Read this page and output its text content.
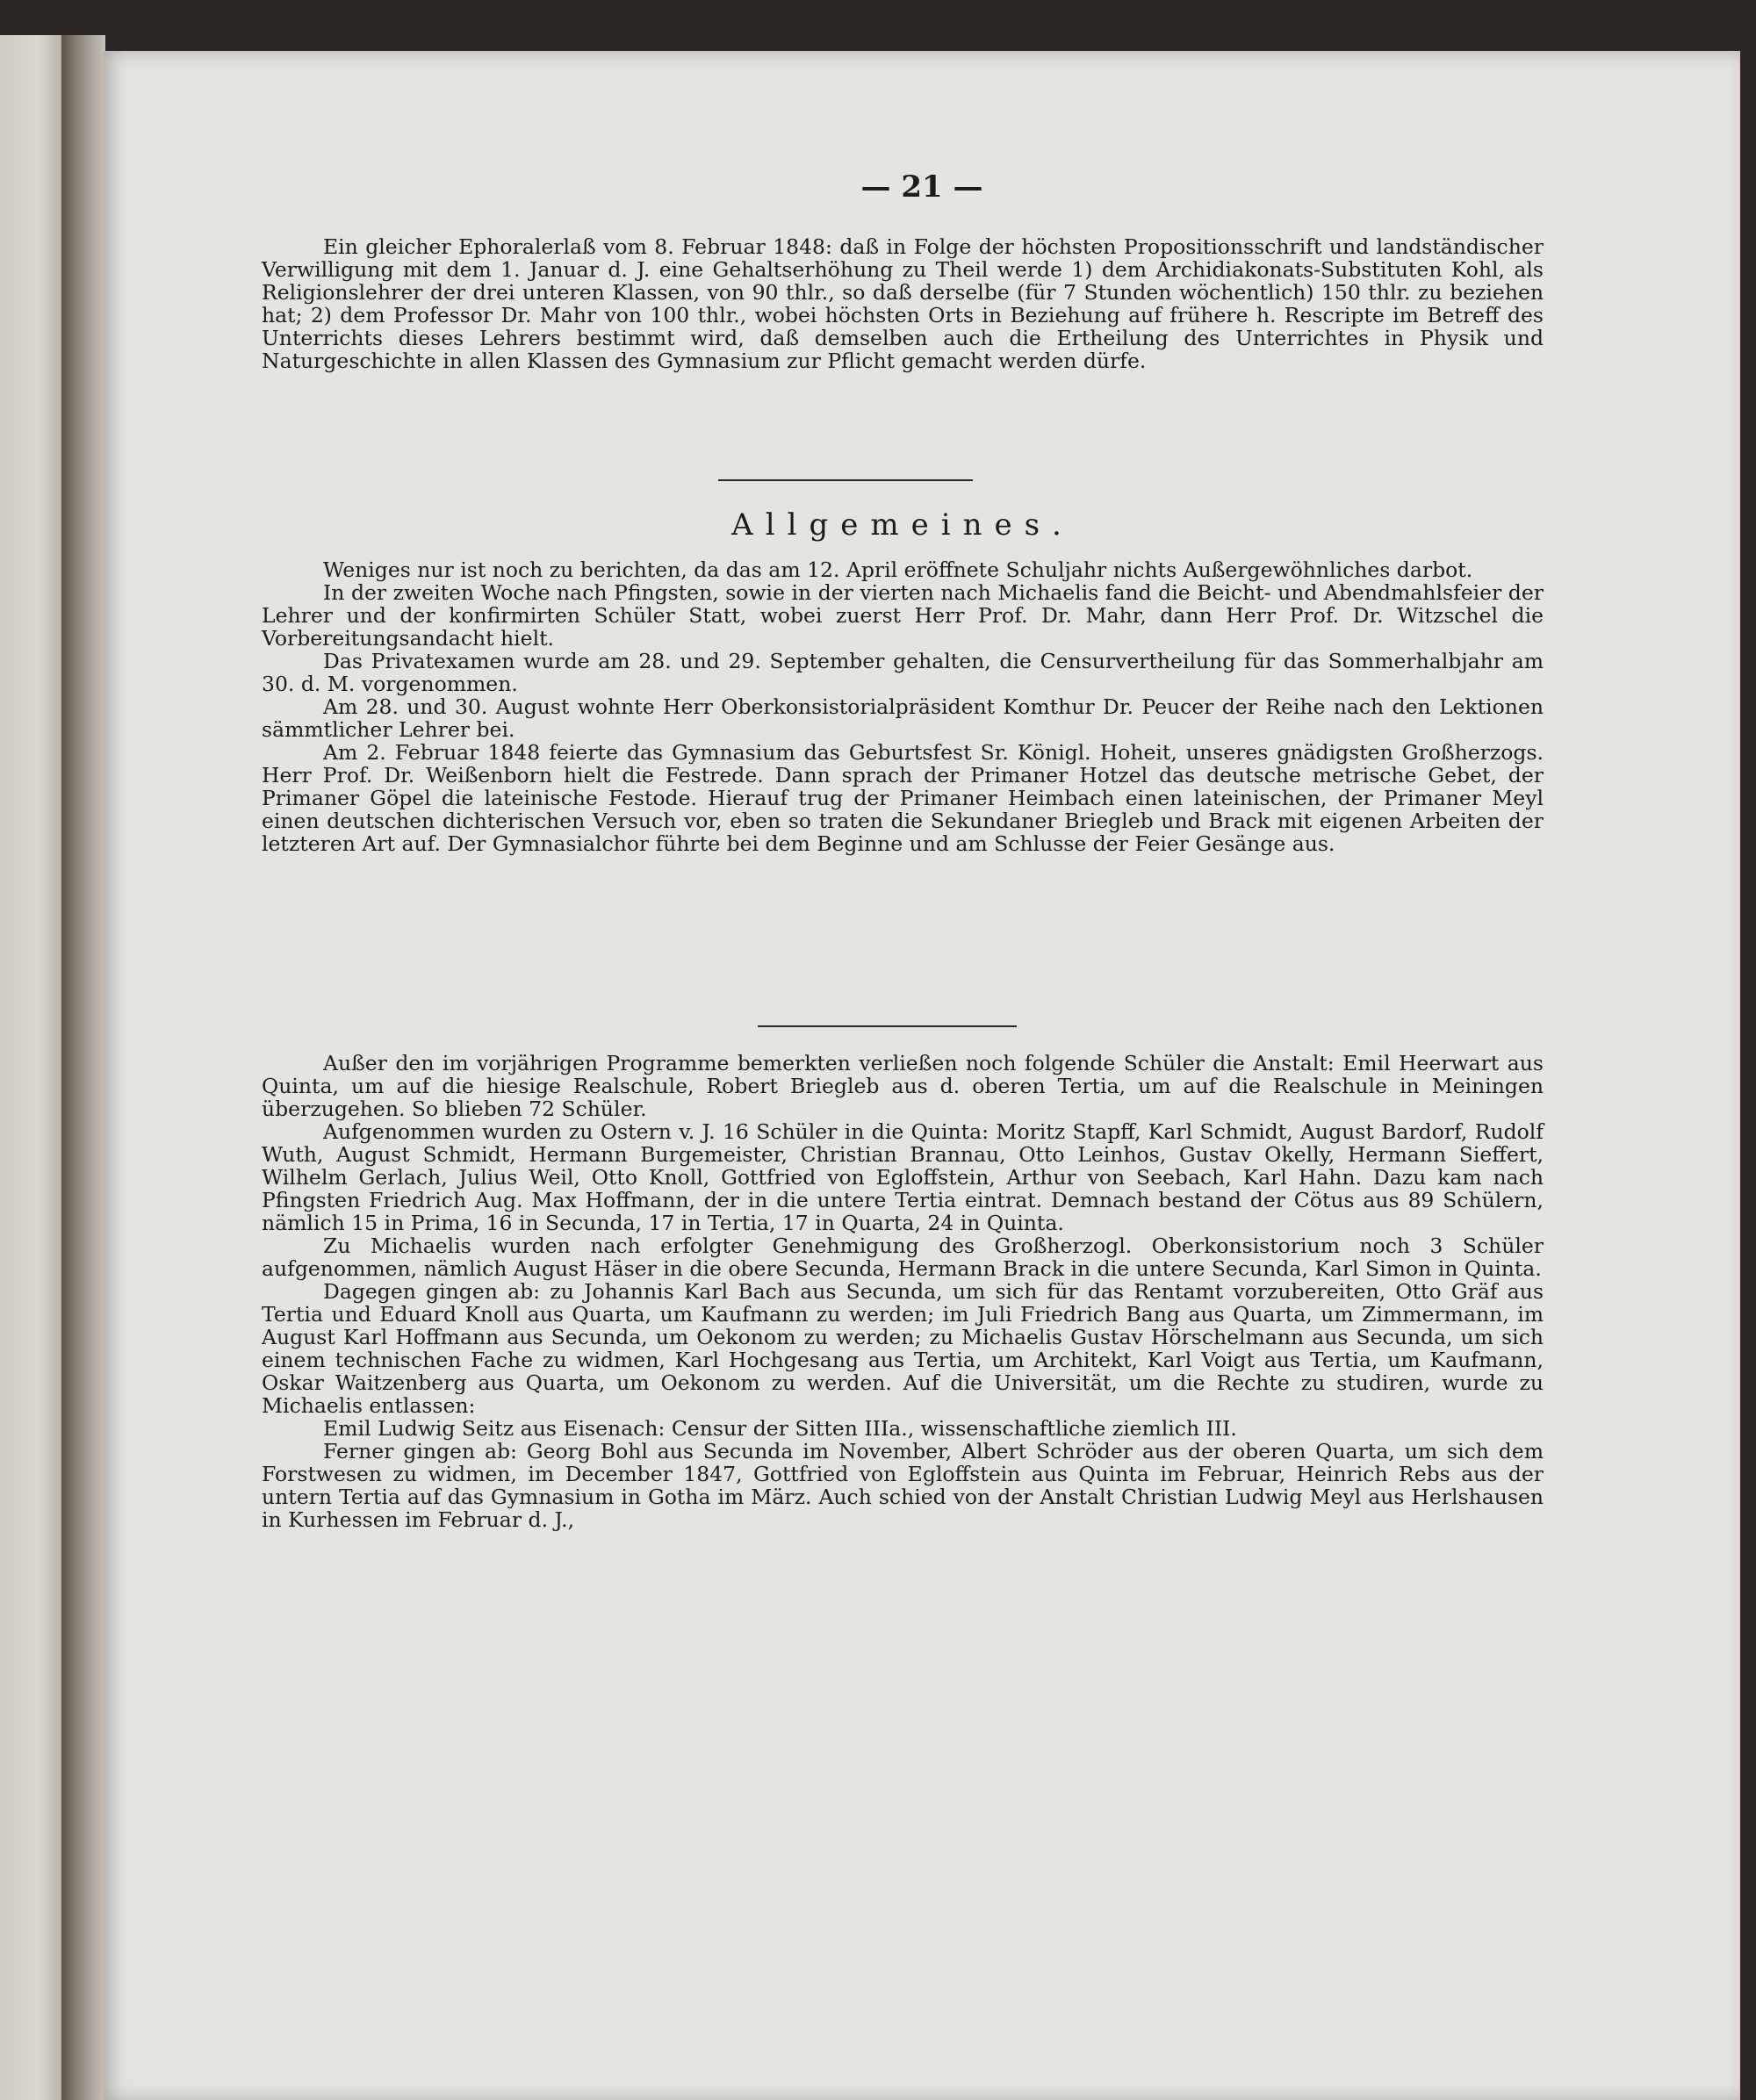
— 21 —

Ein gleicher Ephoralerlaß vom 8. Februar 1848: daß in Folge der höchsten Propositionsschrift und landständischer Verwilligung mit dem 1. Januar d. J. eine Gehaltserhöhung zu Theil werde 1) dem Archidiakonats-Substituten Kohl, als Religionslehrer der drei unteren Klassen, von 90 thlr., so daß derselbe (für 7 Stunden wöchentlich) 150 thlr. zu beziehen hat; 2) dem Professor Dr. Mahr von 100 thlr., wobei höchsten Orts in Beziehung auf frühere h. Rescripte im Betreff des Unterrichts dieses Lehrers bestimmt wird, daß demselben auch die Ertheilung des Unterrichtes in Physik und Naturgeschichte in allen Klassen des Gymnasium zur Pflicht gemacht werden dürfe.

Allgemeines.

Weniges nur ist noch zu berichten, da das am 12. April eröffnete Schuljahr nichts Außergewöhnliches darbot.

In der zweiten Woche nach Pfingsten, sowie in der vierten nach Michaelis fand die Beicht- und Abendmahlsfeier der Lehrer und der konfirmirten Schüler Statt, wobei zuerst Herr Prof. Dr. Mahr, dann Herr Prof. Dr. Witzschel die Vorbereitungsandacht hielt.

Das Privatexamen wurde am 28. und 29. September gehalten, die Censurvertheilung für das Sommerhalbjahr am 30. d. M. vorgenommen.

Am 28. und 30. August wohnte Herr Oberkonsistorialpräsident Komthur Dr. Peucer der Reihe nach den Lektionen sämmtlicher Lehrer bei.

Am 2. Februar 1848 feierte das Gymnasium das Geburtsfest Sr. Königl. Hoheit, unseres gnädigsten Großherzogs. Herr Prof. Dr. Weißenborn hielt die Festrede. Dann sprach der Primaner Hotzel das deutsche metrische Gebet, der Primaner Göpel die lateinische Festode. Hierauf trug der Primaner Heimbach einen lateinischen, der Primaner Meyl einen deutschen dichterischen Versuch vor, eben so traten die Sekundaner Briegleb und Brack mit eigenen Arbeiten der letzteren Art auf. Der Gymnasialchor führte bei dem Beginne und am Schlusse der Feier Gesänge aus.

Außer den im vorjährigen Programme bemerkten verließen noch folgende Schüler die Anstalt: Emil Heerwart aus Quinta, um auf die hiesige Realschule, Robert Briegleb aus d. oberen Tertia, um auf die Realschule in Meiningen überzugehen. So blieben 72 Schüler.

Aufgenommen wurden zu Ostern v. J. 16 Schüler in die Quinta: Moritz Stapff, Karl Schmidt, August Bardorf, Rudolf Wuth, August Schmidt, Hermann Burgemeister, Christian Brannau, Otto Leinhos, Gustav Okelly, Hermann Sieffert, Wilhelm Gerlach, Julius Weil, Otto Knoll, Gottfried von Egloffstein, Arthur von Seebach, Karl Hahn. Dazu kam nach Pfingsten Friedrich Aug. Max Hoffmann, der in die untere Tertia eintrat. Demnach bestand der Cötus aus 89 Schülern, nämlich 15 in Prima, 16 in Secunda, 17 in Tertia, 17 in Quarta, 24 in Quinta.

Zu Michaelis wurden nach erfolgter Genehmigung des Großherzogl. Oberkonsistorium noch 3 Schüler aufgenommen, nämlich August Häser in die obere Secunda, Hermann Brack in die untere Secunda, Karl Simon in Quinta.

Dagegen gingen ab: zu Johannis Karl Bach aus Secunda, um sich für das Rentamt vorzubereiten, Otto Gräf aus Tertia und Eduard Knoll aus Quarta, um Kaufmann zu werden; im Juli Friedrich Bang aus Quarta, um Zimmermann, im August Karl Hoffmann aus Secunda, um Oekonom zu werden; zu Michaelis Gustav Hörschelmann aus Secunda, um sich einem technischen Fache zu widmen, Karl Hochgesang aus Tertia, um Architekt, Karl Voigt aus Tertia, um Kaufmann, Oskar Waitzenberg aus Quarta, um Oekonom zu werden. Auf die Universität, um die Rechte zu studiren, wurde zu Michaelis entlassen:

Emil Ludwig Seitz aus Eisenach: Censur der Sitten IIIa., wissenschaftliche ziemlich III.

Ferner gingen ab: Georg Bohl aus Secunda im November, Albert Schröder aus der oberen Quarta, um sich dem Forstwesen zu widmen, im December 1847, Gottfried von Egloffstein aus Quinta im Februar, Heinrich Rebs aus der untern Tertia auf das Gymnasium in Gotha im März. Auch schied von der Anstalt Christian Ludwig Meyl aus Herlshausen in Kurhessen im Februar d. J.,
